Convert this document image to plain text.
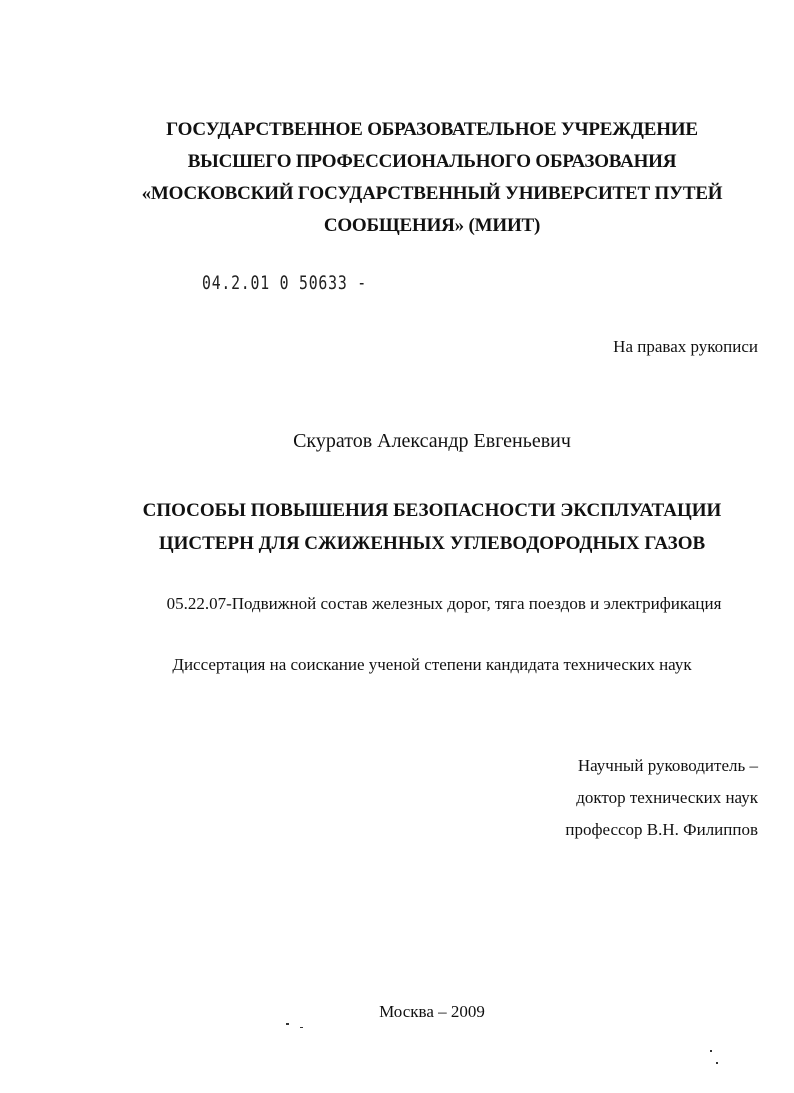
ГОСУДАРСТВЕННОЕ ОБРАЗОВАТЕЛЬНОЕ УЧРЕЖДЕНИЕ
ВЫСШЕГО ПРОФЕССИОНАЛЬНОГО ОБРАЗОВАНИЯ
«МОСКОВСКИЙ ГОСУДАРСТВЕННЫЙ УНИВЕРСИТЕТ ПУТЕЙ
СООБЩЕНИЯ» (МИИТ)
04.2.01 0 50633 -
На правах рукописи
Скуратов Александр Евгеньевич
СПОСОБЫ ПОВЫШЕНИЯ БЕЗОПАСНОСТИ ЭКСПЛУАТАЦИИ
ЦИСТЕРН ДЛЯ СЖИЖЕННЫХ УГЛЕВОДОРОДНЫХ ГАЗОВ
05.22.07-Подвижной состав железных дорог, тяга поездов и электрификация
Диссертация на соискание ученой степени кандидата технических наук
Научный руководитель –
доктор технических наук
профессор В.Н. Филиппов
Москва – 2009
